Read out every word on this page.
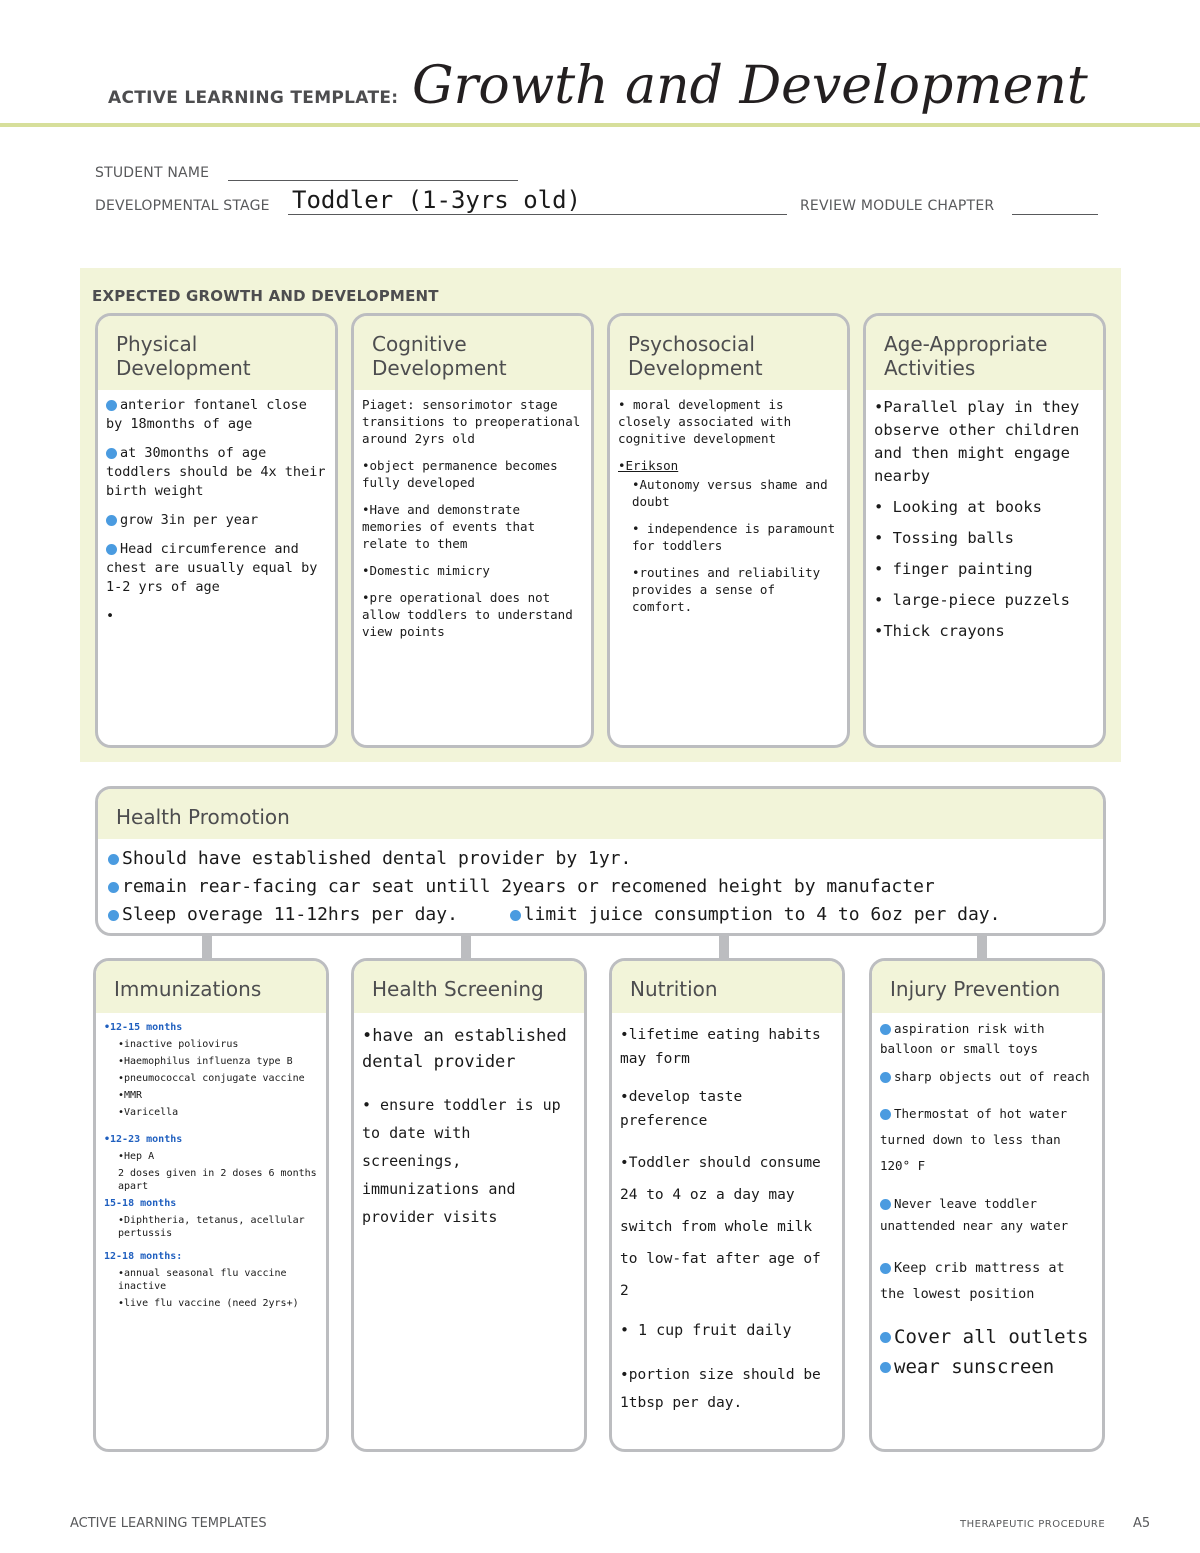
ACTIVE LEARNING TEMPLATE: Growth and Development
STUDENT NAME
DEVELOPMENTAL STAGE Toddler (1-3yrs old)	REVIEW MODULE CHAPTER
EXPECTED GROWTH AND DEVELOPMENT
Physical Development

anterior fontanel close by 18months of age

at 30months of age toddlers should be 4x their birth weight

grow 3in per year

Head circumference and chest are usually equal by 1-2 yrs of age

•

Cognitive Development

Piaget: sensorimotor stage transitions to preoperational around 2yrs old

•object permanence becomes fully developed

•Have and demonstrate memories of events that relate to them

•Domestic mimicry

•pre operational does not allow toddlers to understand view points

Psychosocial Development

• moral development is closely associated with cognitive development

•Erikson

•Autonomy versus shame and doubt

• independence is paramount for toddlers

•routines and reliability provides a sense of comfort.

Age-Appropriate Activities

•Parallel play in they observe other children and then might engage nearby

• Looking at books

• Tossing balls

• finger painting

• large-piece puzzels

•Thick crayons

Health Promotion
Should have established dental provider by 1yr.
remain rear-facing car seat untill 2years or recomened height by manufacter
Sleep overage 11-12hrs per day.	limit juice consumption to 4 to 6oz per day.
Immunizations

•12-15 months

•inactive poliovirus

•Haemophilus influenza type B

•pneumococcal conjugate vaccine

•MMR

•Varicella

•12-23 months

•Hep A

2 doses given in 2 doses 6 months apart

15-18 months

•Diphtheria, tetanus, acellular pertussis

12-18 months:

•annual seasonal flu vaccine inactive

•live flu vaccine (need 2yrs+)

Health Screening

•have an established dental provider

• ensure toddler is up to date with screenings, immunizations and provider visits

Nutrition

•lifetime eating habits may form

•develop taste preference

•Toddler should consume 24 to 4 oz a day may switch from whole milk to low-fat after age of 2

• 1 cup fruit daily

•portion size should be 1tbsp per day.

Injury Prevention

aspiration risk with balloon or small toys

sharp objects out of reach

Thermostat of hot water turned down to less than 120° F

Never leave toddler unattended near any water

Keep crib mattress at the lowest position

Cover all outlets

wear sunscreen

ACTIVE LEARNING TEMPLATES	THERAPEUTIC PROCEDURE A5
